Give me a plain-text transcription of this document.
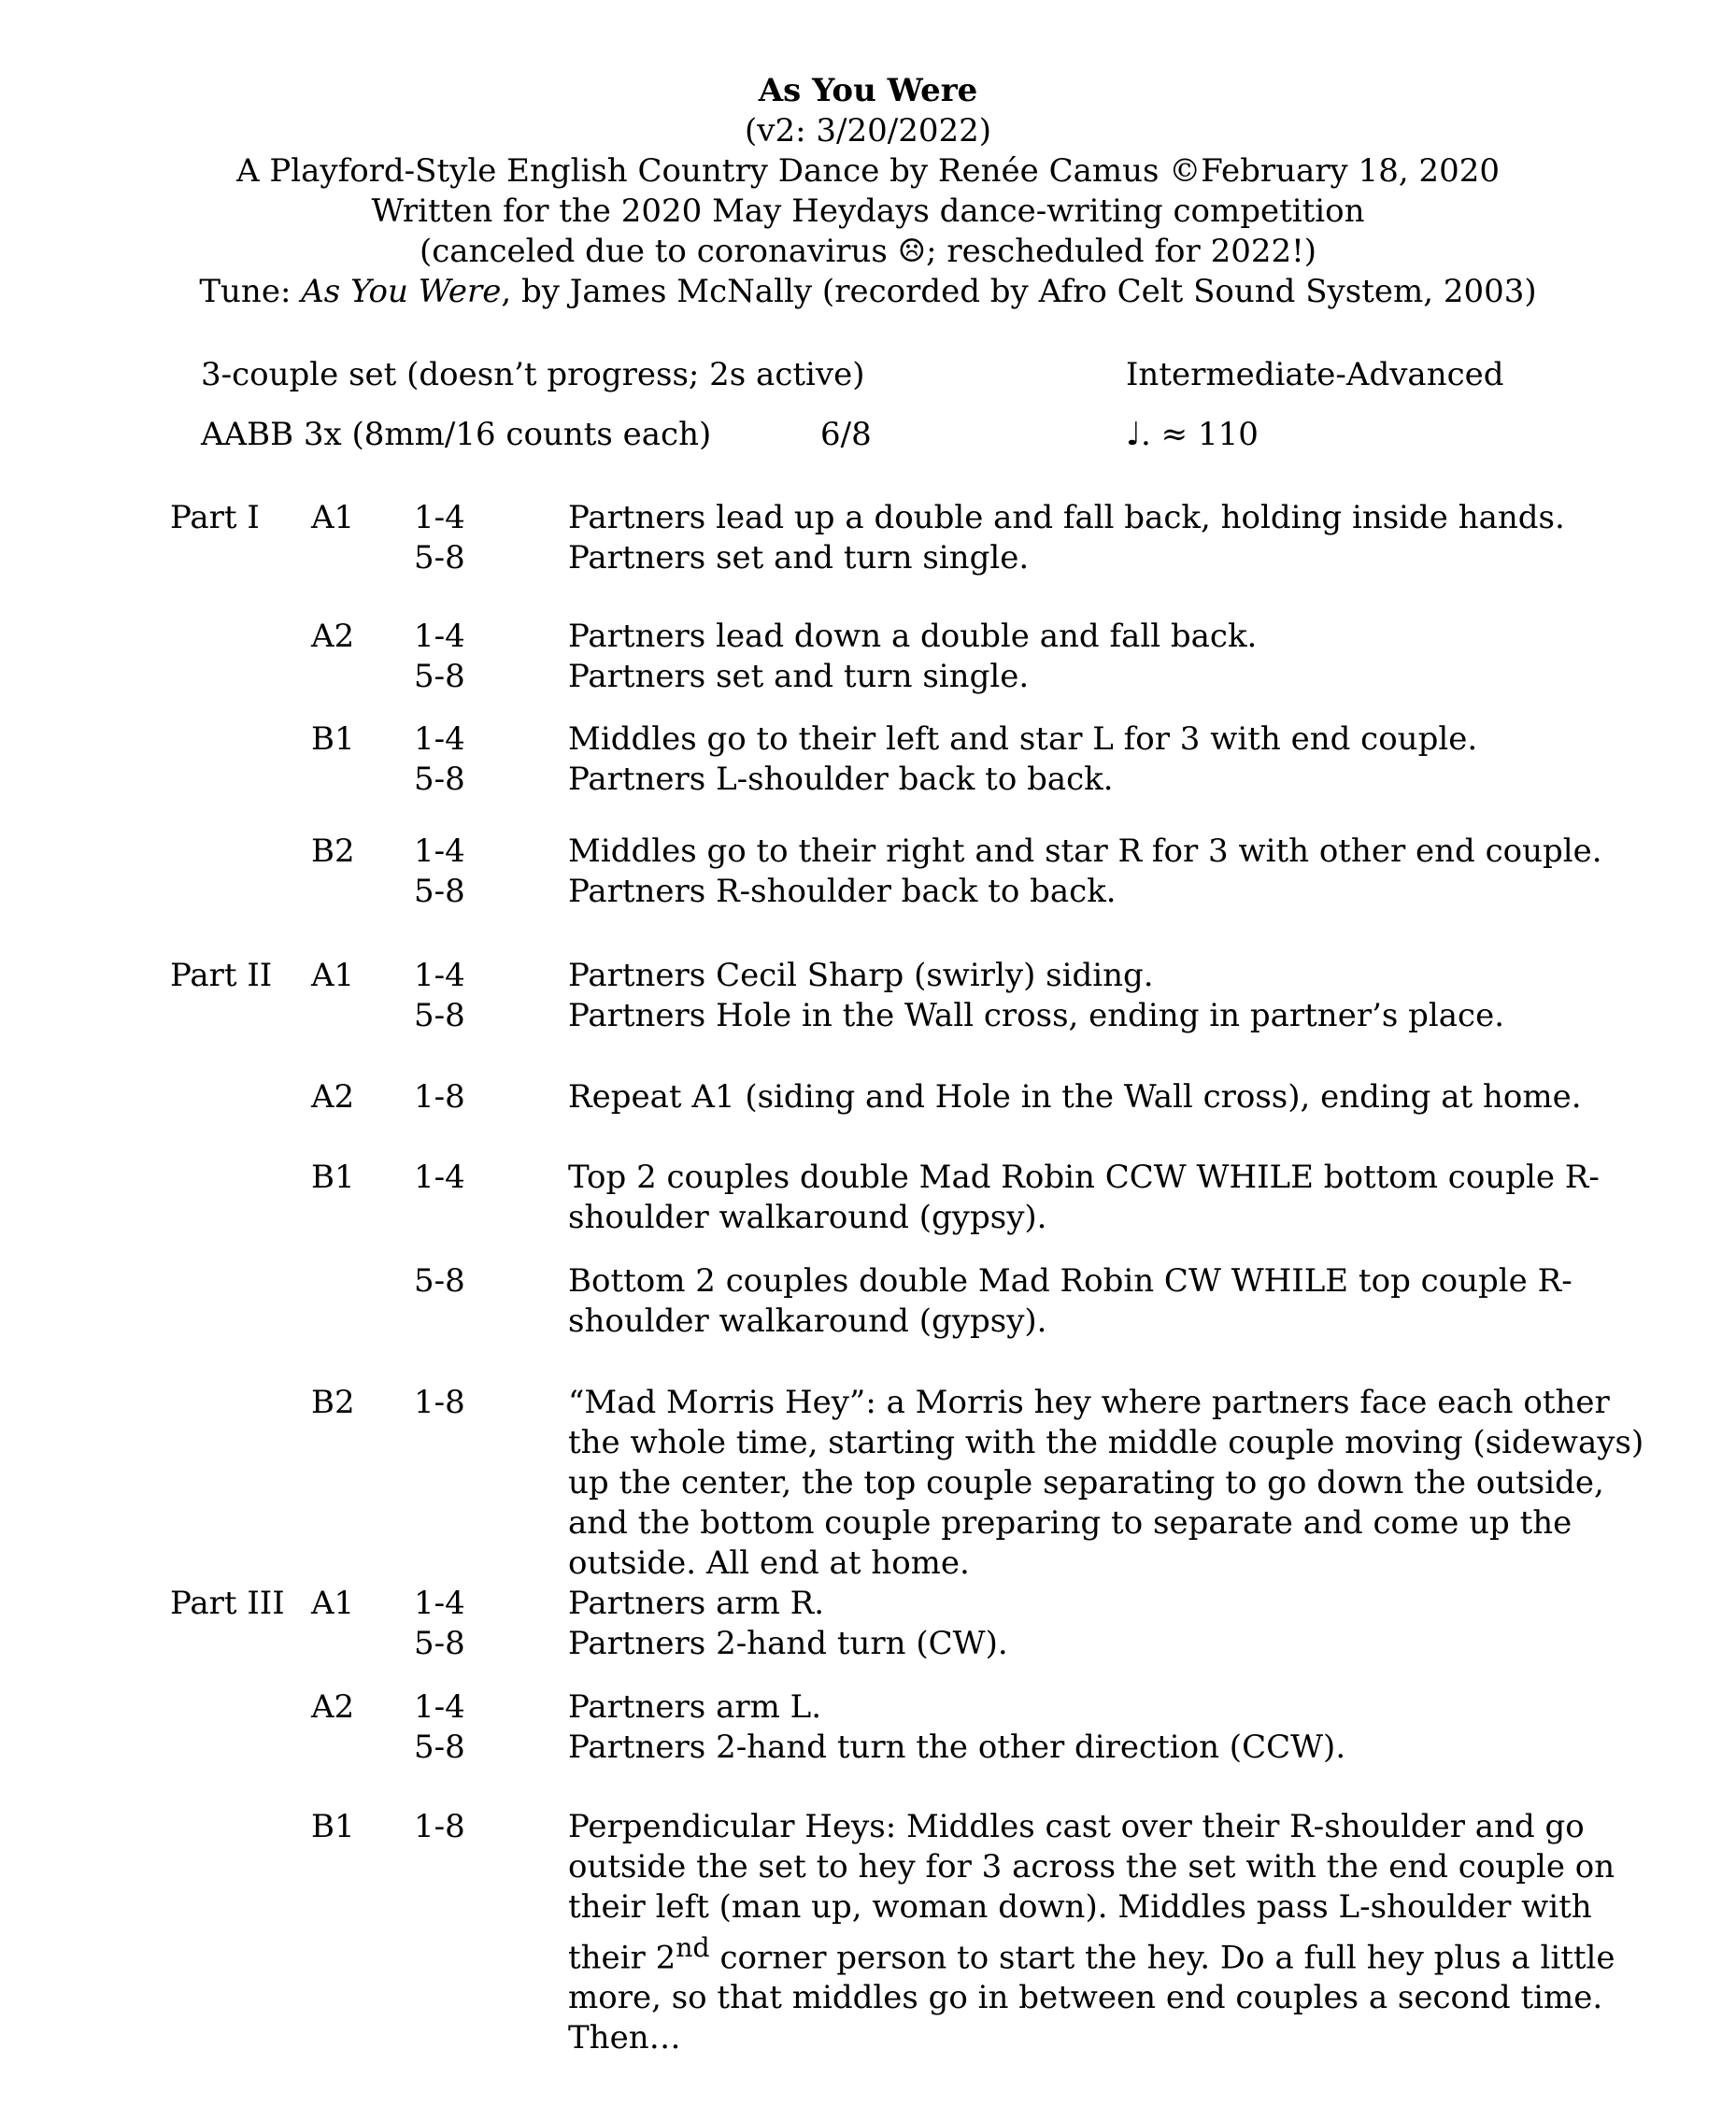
As You Were
(v2: 3/20/2022)
A Playford-Style English Country Dance by Renée Camus ©February 18, 2020
Written for the 2020 May Heydays dance-writing competition
(canceled due to coronavirus ☹; rescheduled for 2022!)
Tune: As You Were, by James McNally (recorded by Afro Celt Sound System, 2003)
3-couple set (doesn’t progress; 2s active)	Intermediate-Advanced
AABB 3x (8mm/16 counts each)	6/8	♩. ≈ 110
Part I A1 1-4	Partners lead up a double and fall back, holding inside hands.
5-8	Partners set and turn single.
A2 1-4	Partners lead down a double and fall back.
5-8	Partners set and turn single.
B1 1-4	Middles go to their left and star L for 3 with end couple.
5-8	Partners L-shoulder back to back.
B2 1-4	Middles go to their right and star R for 3 with other end couple.
5-8	Partners R-shoulder back to back.
Part II A1 1-4	Partners Cecil Sharp (swirly) siding.
5-8	Partners Hole in the Wall cross, ending in partner’s place.
A2 1-8	Repeat A1 (siding and Hole in the Wall cross), ending at home.
B1 1-4	Top 2 couples double Mad Robin CCW WHILE bottom couple R-shoulder walkaround (gypsy).
5-8	Bottom 2 couples double Mad Robin CW WHILE top couple R-shoulder walkaround (gypsy).
B2 1-8	“Mad Morris Hey”: a Morris hey where partners face each other the whole time, starting with the middle couple moving (sideways) up the center, the top couple separating to go down the outside, and the bottom couple preparing to separate and come up the outside. All end at home.
Part III A1 1-4	Partners arm R.
5-8	Partners 2-hand turn (CW).
A2 1-4	Partners arm L.
5-8	Partners 2-hand turn the other direction (CCW).
B1 1-8	Perpendicular Heys: Middles cast over their R-shoulder and go outside the set to hey for 3 across the set with the end couple on their left (man up, woman down). Middles pass L-shoulder with their 2nd corner person to start the hey. Do a full hey plus a little more, so that middles go in between end couples a second time. Then…
